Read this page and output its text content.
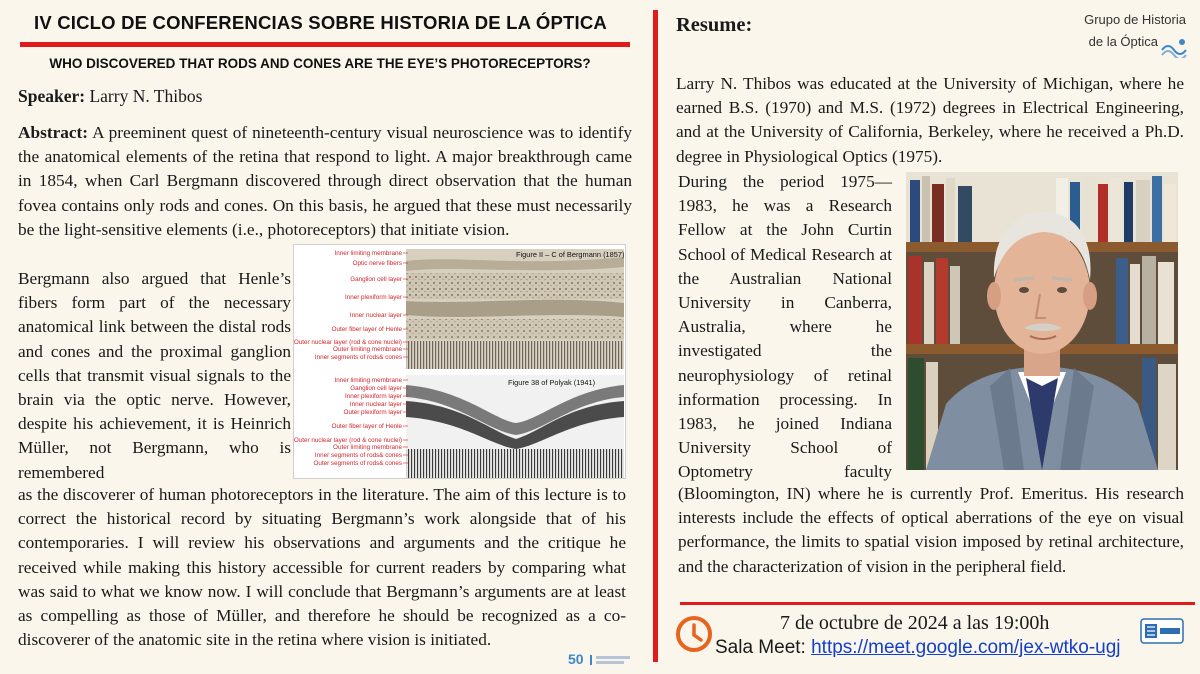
IV CICLO DE CONFERENCIAS SOBRE HISTORIA DE LA ÓPTICA
WHO DISCOVERED THAT RODS AND CONES ARE THE EYE’S PHOTORECEPTORS?
Speaker: Larry N. Thibos
Abstract: A preeminent quest of nineteenth-century visual neuroscience was to identify the anatomical elements of the retina that respond to light. A major breakthrough came in 1854, when Carl Bergmann discovered through direct observation that the human fovea contains only rods and cones. On this basis, he argued that these must necessarily be the light-sensitive elements (i.e., photoreceptors) that initiate vision.
Bergmann also argued that Henle’s fibers form part of the necessary anatomical link between the distal rods and cones and the proximal ganglion cells that transmit visual signals to the brain via the optic nerve. However, despite his achievement, it is Heinrich Müller, not Bergmann, who is remembered
as the discoverer of human photoreceptors in the literature. The aim of this lecture is to correct the historical record by situating Bergmann’s work alongside that of his contemporaries. I will review his observations and arguments and the critique he received while making this history accessible for current readers by comparing what was said to what we know now. I will conclude that Bergmann’s arguments are at least as compelling as those of Müller, and therefore he should be recognized as a co-discoverer of the anatomic site in the retina where vision is initiated.
Inner limiting membrane
Optic nerve fibers
Ganglion cell layer
Inner plexiform layer
Inner nuclear layer
Outer fiber layer of Henle
Outer nuclear layer (rod & cone nuclei)
Outer limiting membrane
Inner segments of rods& cones
Inner limiting membrane
Ganglion cell layer
Inner plexiform layer
Inner nuclear layer
Outer plexiform layer
Outer fiber layer of Henle
Outer nuclear layer (rod & cone nuclei)
Outer limiting membrane
Inner segments of rods& cones
Outer segments of rods& cones
Figure II – C of Bergmann (1857)
Figure 38 of Polyak (1941)
50
Resume:	Grupo de Historia
de la Óptica
Larry N. Thibos was educated at the University of Michigan, where he earned B.S. (1970) and M.S. (1972) degrees in Electrical Engineering, and at the University of California, Berkeley, where he received a Ph.D. degree in Physiological Optics (1975).
During the period 1975—1983, he was a Research Fellow at the John Curtin School of Medical Research at the Australian National University in Canberra, Australia, where he investigated the neurophysiology of retinal information processing. In 1983, he joined Indiana University School of Optometry faculty
(Bloomington, IN) where he is currently Prof. Emeritus. His research interests include the effects of optical aberrations of the eye on visual performance, the limits to spatial vision imposed by retinal architecture, and the characterization of vision in the peripheral field.
7 de octubre de 2024 a las 19:00h
Sala Meet: https://meet.google.com/jex-wtko-ugj
